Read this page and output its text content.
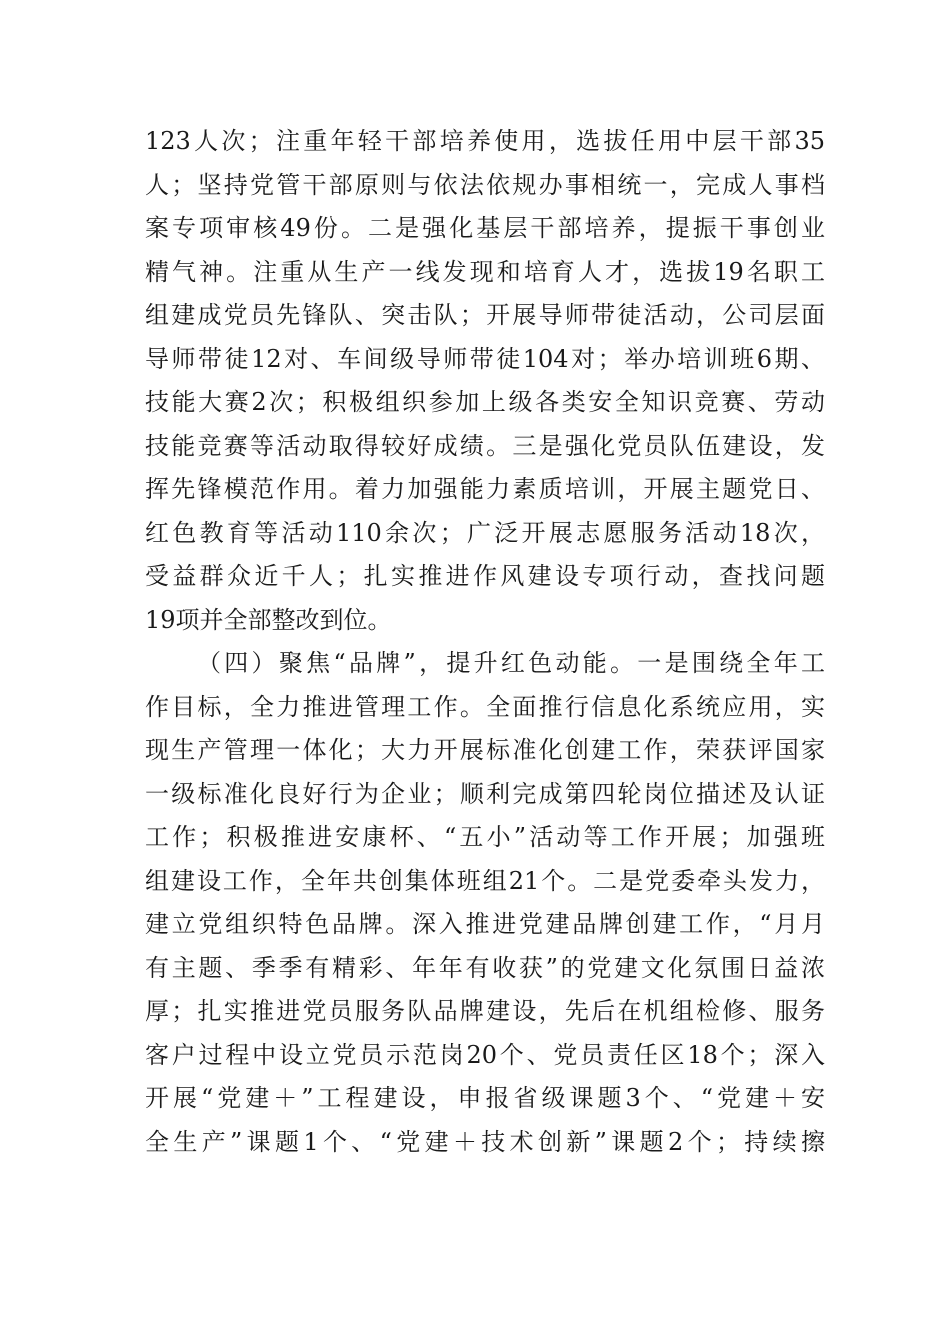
123人次；注重年轻干部培养使用，选拔任用中层干部35
人；坚持党管干部原则与依法依规办事相统一，完成人事档
案专项审核49份。二是强化基层干部培养，提振干事创业
精气神。注重从生产一线发现和培育人才，选拔19名职工
组建成党员先锋队、突击队；开展导师带徒活动，公司层面
导师带徒12对、车间级导师带徒104对；举办培训班6期、
技能大赛2次；积极组织参加上级各类安全知识竞赛、劳动
技能竞赛等活动取得较好成绩。三是强化党员队伍建设，发
挥先锋模范作用。着力加强能力素质培训，开展主题党日、
红色教育等活动110余次；广泛开展志愿服务活动18次，
受益群众近千人；扎实推进作风建设专项行动，查找问题
19项并全部整改到位。
（四）聚焦“品牌”，提升红色动能。一是围绕全年工
作目标，全力推进管理工作。全面推行信息化系统应用，实
现生产管理一体化；大力开展标准化创建工作，荣获评国家
一级标准化良好行为企业；顺利完成第四轮岗位描述及认证
工作；积极推进安康杯、“五小”活动等工作开展；加强班
组建设工作，全年共创集体班组21个。二是党委牵头发力，
建立党组织特色品牌。深入推进党建品牌创建工作，“月月
有主题、季季有精彩、年年有收获”的党建文化氛围日益浓
厚；扎实推进党员服务队品牌建设，先后在机组检修、服务
客户过程中设立党员示范岗20个、党员责任区18个；深入
开展“党建＋”工程建设，申报省级课题3个、“党建＋安
全生产”课题1个、“党建＋技术创新”课题2个；持续擦
